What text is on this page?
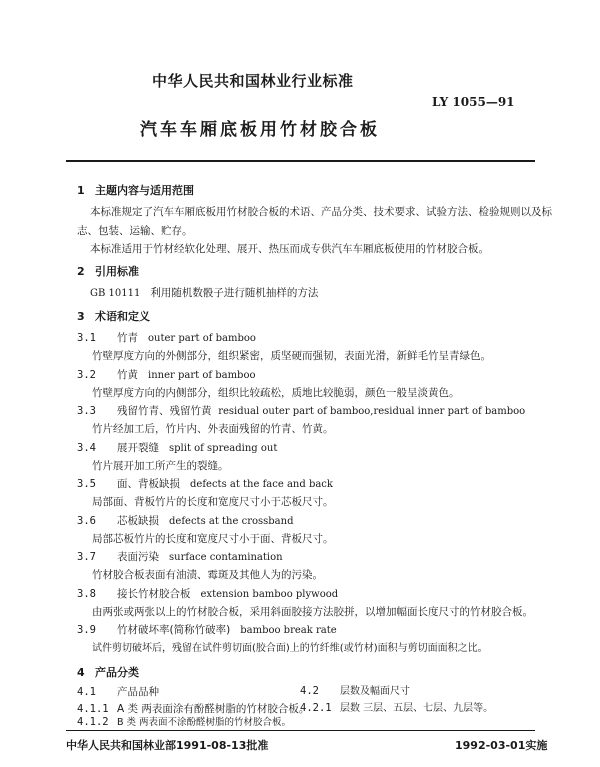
中华人民共和国林业行业标准
LY 1055—91
汽车车厢底板用竹材胶合板
1 主题内容与适用范围
本标准规定了汽车车厢底板用竹材胶合板的术语、产品分类、技术要求、试验方法、检验规则以及标
志、包装、运输、贮存。
本标准适用于竹材经软化处理、展开、热压而成专供汽车车厢底板使用的竹材胶合板。
2 引用标准
GB 10111 利用随机数骰子进行随机抽样的方法
3 术语和定义
3.1 竹青 outer part of bamboo
竹壁厚度方向的外侧部分，组织紧密，质坚硬而强韧，表面光滑，新鲜毛竹呈青绿色。
3.2 竹黄 inner part of bamboo
竹壁厚度方向的内侧部分，组织比较疏松，质地比较脆弱，颜色一般呈淡黄色。
3.3 残留竹青、残留竹黄 residual outer part of bamboo,residual inner part of bamboo
竹片经加工后，竹片内、外表面残留的竹青、竹黄。
3.4 展开裂缝 split of spreading out
竹片展开加工所产生的裂缝。
3.5 面、背板缺损 defects at the face and back
局部面、背板竹片的长度和宽度尺寸小于芯板尺寸。
3.6 芯板缺损 defects at the crossband
局部芯板竹片的长度和宽度尺寸小于面、背板尺寸。
3.7 表面污染 surface contamination
竹材胶合板表面有油渍、霉斑及其他人为的污染。
3.8 接长竹材胶合板 extension bamboo plywood
由两张或两张以上的竹材胶合板，采用斜面胶接方法胶拼，以增加幅面长度尺寸的竹材胶合板。
3.9 竹材破坏率(简称竹破率) bamboo break rate
试件剪切破坏后，残留在试件剪切面(胶合面)上的竹纤维(或竹材)面积与剪切面面积之比。
4 产品分类
4.1 产品品种
4.1.1 A 类 两表面涂有酚醛树脂的竹材胶合板。
4.1.2 B 类 两表面不涂酚醛树脂的竹材胶合板。
中华人民共和国林业部1991-08-13批准	1992-03-01实施
4.2 层数及幅面尺寸
4.2.1 层数 三层、五层、七层、九层等。
